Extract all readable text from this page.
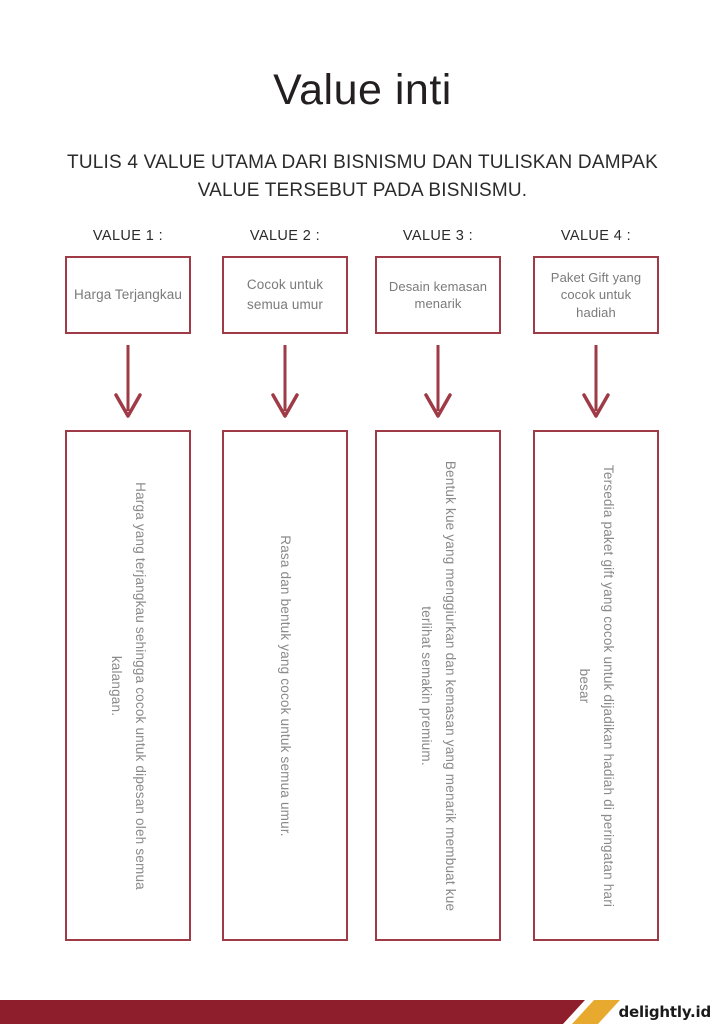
Value inti

TULIS 4 VALUE UTAMA DARI BISNISMU DAN TULISKAN DAMPAK VALUE TERSEBUT PADA BISNISMU.

VALUE 1 :
Harga Terjangkau
Harga yang terjangkau sehingga cocok untuk dipesan oleh semua kalangan.
VALUE 2 :
Cocok untuk semua umur
Rasa dan bentuk yang cocok untuk semua umur.
VALUE 3 :
Desain kemasan menarik
Bentuk kue yang menggiurkan dan kemasan yang menarik membuat kue terlihat semakin premium.
VALUE 4 :
Paket Gift yang cocok untuk hadiah
Tersedia paket gift yang cocok untuk dijadikan hadiah di peringatan hari besar
delightly.id
